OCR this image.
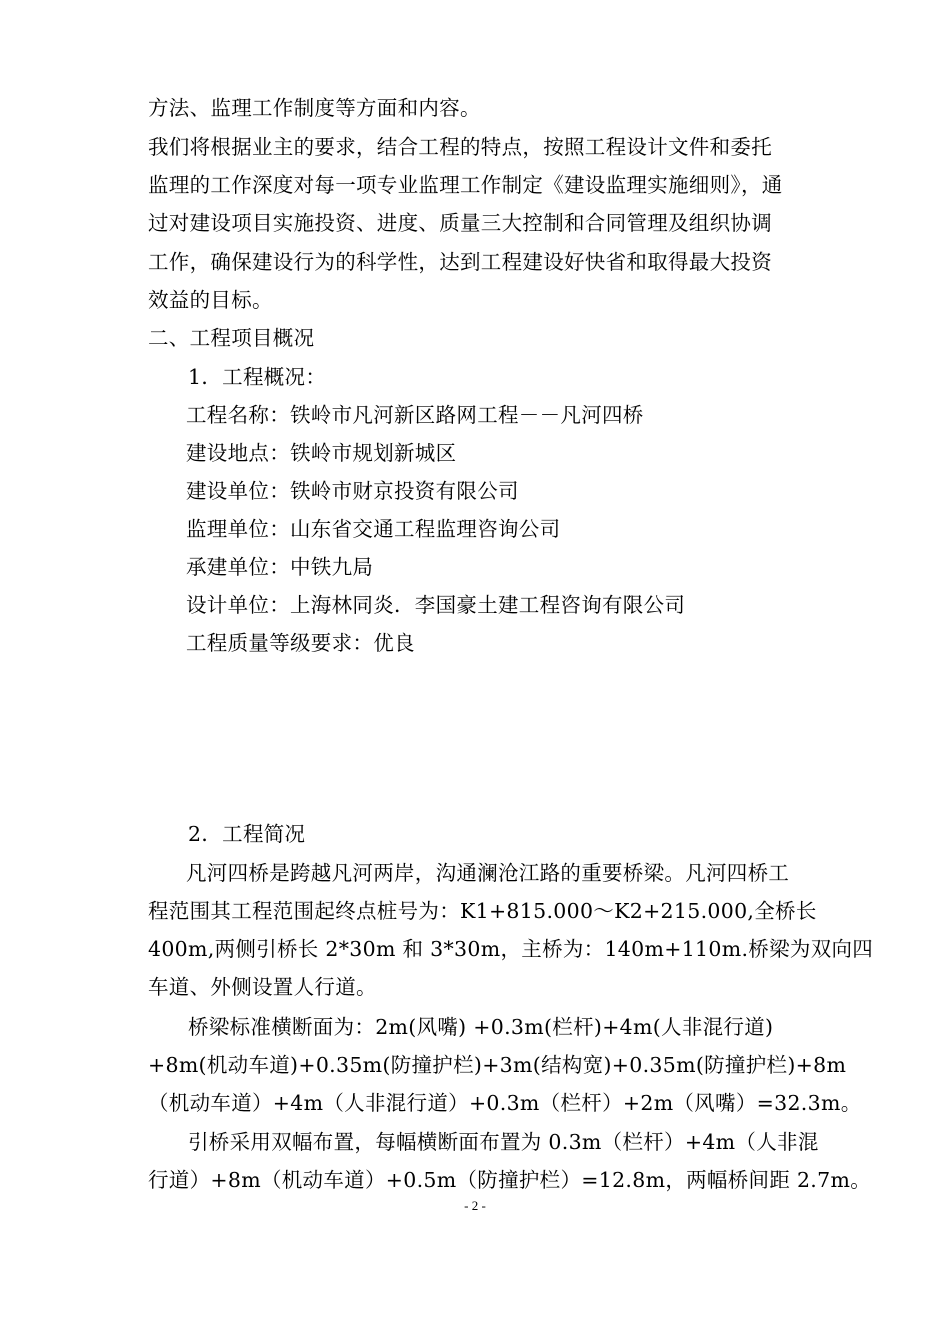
方法、监理工作制度等方面和内容。
我们将根据业主的要求，结合工程的特点，按照工程设计文件和委托
监理的工作深度对每一项专业监理工作制定《建设监理实施细则》，通
过对建设项目实施投资、进度、质量三大控制和合同管理及组织协调
工作，确保建设行为的科学性，达到工程建设好快省和取得最大投资
效益的目标。
二、工程项目概况
1．工程概况：
工程名称：铁岭市凡河新区路网工程－－凡河四桥
建设地点：铁岭市规划新城区
建设单位：铁岭市财京投资有限公司
监理单位：山东省交通工程监理咨询公司
承建单位：中铁九局
设计单位：上海林同炎．李国豪土建工程咨询有限公司
工程质量等级要求：优良
2．工程简况
凡河四桥是跨越凡河两岸，沟通澜沧江路的重要桥梁。凡河四桥工
程范围其工程范围起终点桩号为：K1+815.000～K2+215.000,全桥长
400m,两侧引桥长 2*30m 和 3*30m，主桥为：140m+110m.桥梁为双向四
车道、外侧设置人行道。
桥梁标准横断面为：2m(风嘴) +0.3m(栏杆)+4m(人非混行道)
+8m(机动车道)+0.35m(防撞护栏)+3m(结构宽)+0.35m(防撞护栏)+8m
（机动车道）+4m（人非混行道）+0.3m（栏杆）+2m（风嘴）=32.3m。
引桥采用双幅布置，每幅横断面布置为 0.3m（栏杆）+4m（人非混
行道）+8m（机动车道）+0.5m（防撞护栏）=12.8m，两幅桥间距 2.7m。
- 2 -
